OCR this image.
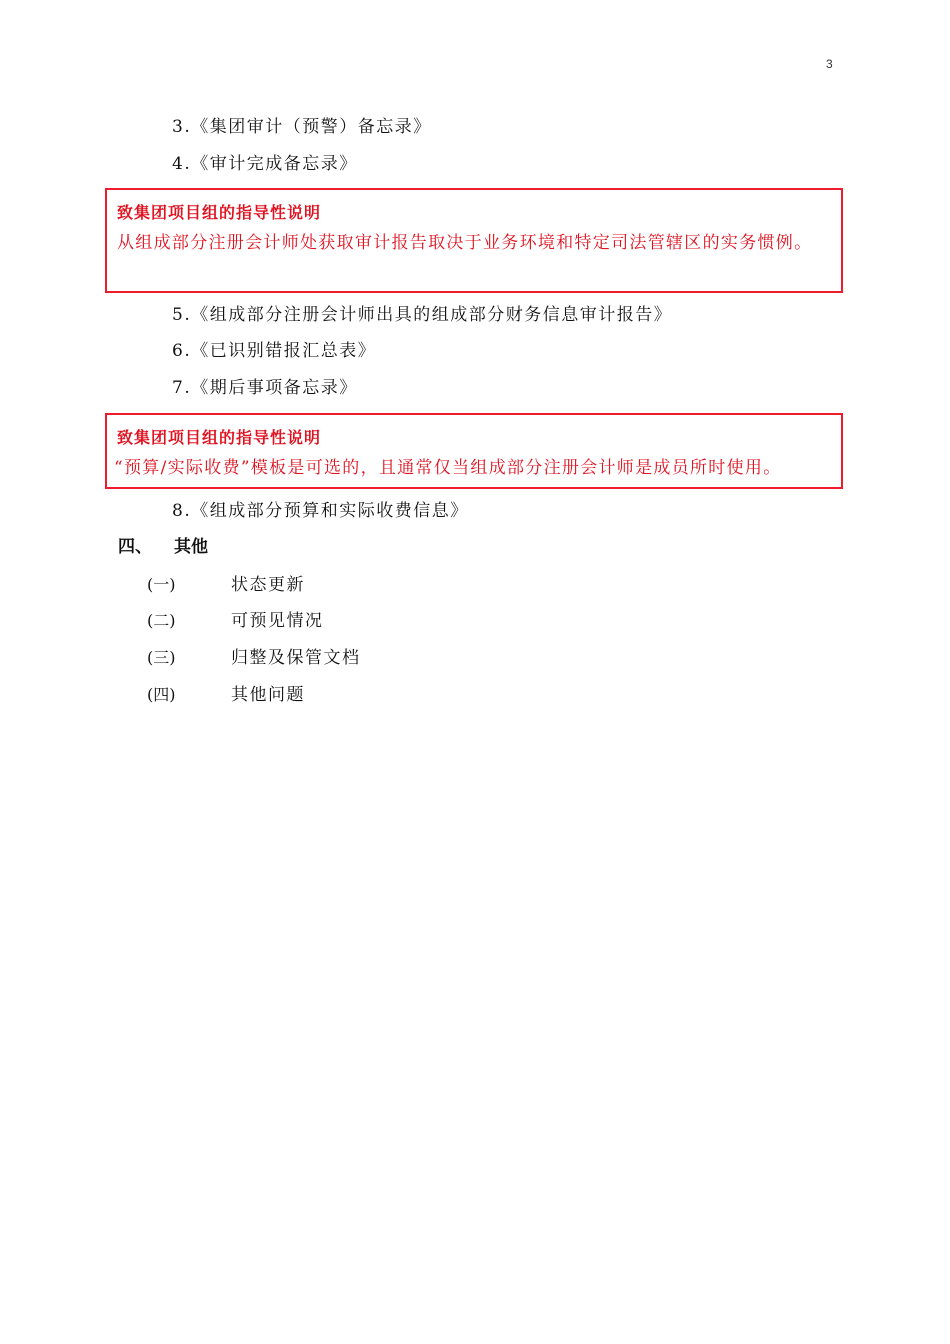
3
3.《集团审计（预警）备忘录》
4.《审计完成备忘录》
致集团项目组的指导性说明
从组成部分注册会计师处获取审计报告取决于业务环境和特定司法管辖区的实务惯例。
5.《组成部分注册会计师出具的组成部分财务信息审计报告》
6.《已识别错报汇总表》
7.《期后事项备忘录》
致集团项目组的指导性说明
“预算/实际收费”模板是可选的，且通常仅当组成部分注册会计师是成员所时使用。
8.《组成部分预算和实际收费信息》
四、 其他
(一)	状态更新
(二)	可预见情况
(三)	归整及保管文档
(四)	其他问题
